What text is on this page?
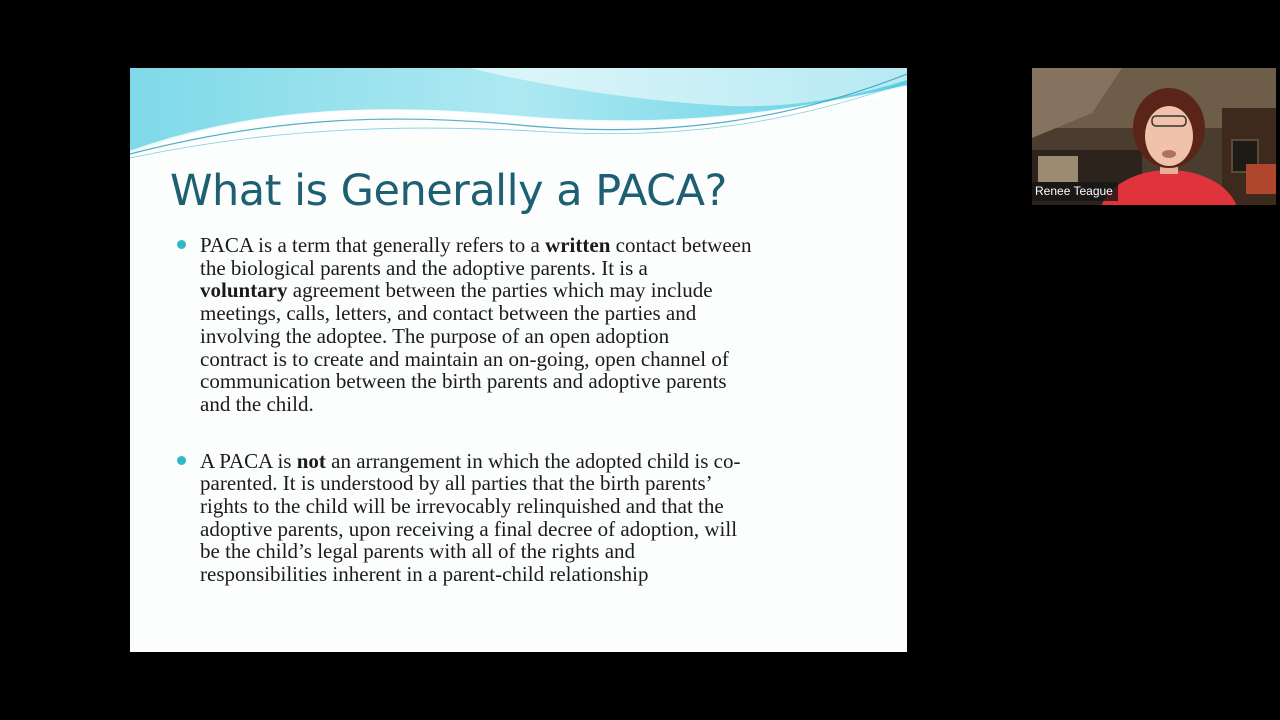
What is Generally a PACA?
PACA is a term that generally refers to a written contact between
the biological parents and the adoptive parents. It is a
voluntary agreement between the parties which may include
meetings, calls, letters, and contact between the parties and
involving the adoptee. The purpose of an open adoption
contract is to create and maintain an on-going, open channel of
communication between the birth parents and adoptive parents
and the child.
A PACA is not an arrangement in which the adopted child is co-
parented. It is understood by all parties that the birth parents’
rights to the child will be irrevocably relinquished and that the
adoptive parents, upon receiving a final decree of adoption, will
be the child’s legal parents with all of the rights and
responsibilities inherent in a parent-child relationship
Renee Teague
